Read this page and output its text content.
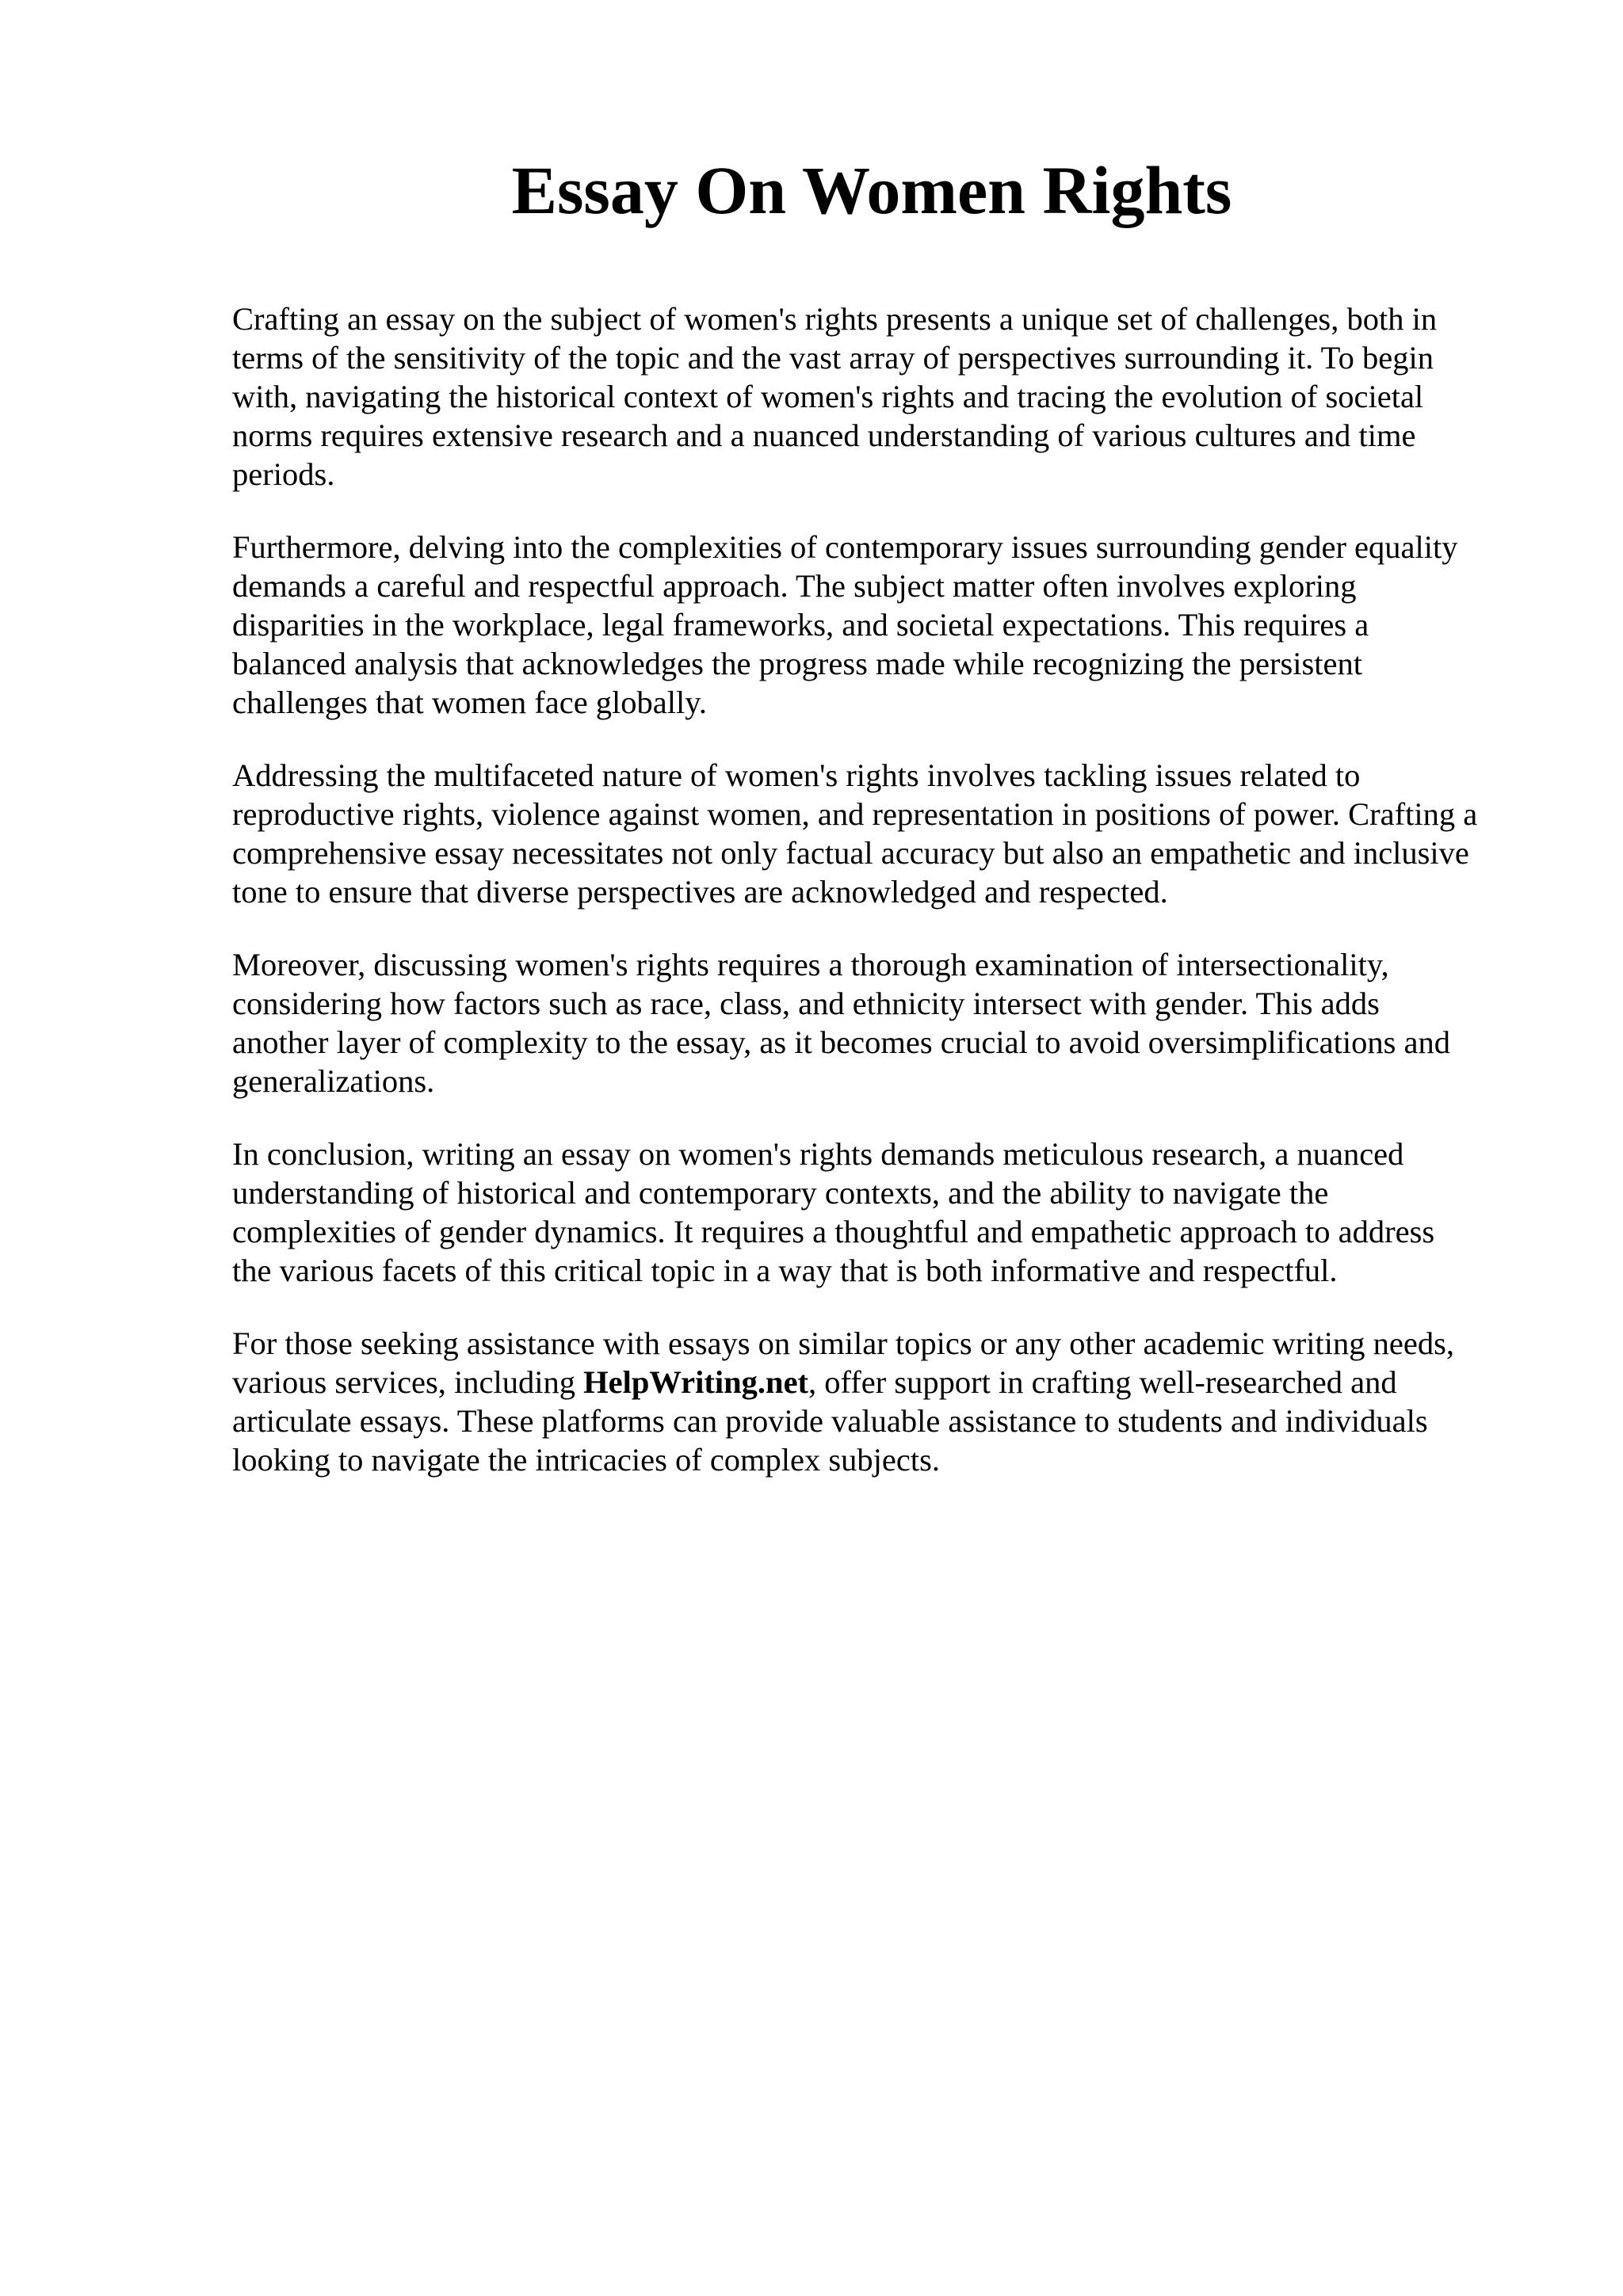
Essay On Women Rights

Crafting an essay on the subject of women's rights presents a unique set of challenges, both in
terms of the sensitivity of the topic and the vast array of perspectives surrounding it. To begin
with, navigating the historical context of women's rights and tracing the evolution of societal
norms requires extensive research and a nuanced understanding of various cultures and time
periods.

Furthermore, delving into the complexities of contemporary issues surrounding gender equality
demands a careful and respectful approach. The subject matter often involves exploring
disparities in the workplace, legal frameworks, and societal expectations. This requires a
balanced analysis that acknowledges the progress made while recognizing the persistent
challenges that women face globally.

Addressing the multifaceted nature of women's rights involves tackling issues related to
reproductive rights, violence against women, and representation in positions of power. Crafting a
comprehensive essay necessitates not only factual accuracy but also an empathetic and inclusive
tone to ensure that diverse perspectives are acknowledged and respected.

Moreover, discussing women's rights requires a thorough examination of intersectionality,
considering how factors such as race, class, and ethnicity intersect with gender. This adds
another layer of complexity to the essay, as it becomes crucial to avoid oversimplifications and
generalizations.

In conclusion, writing an essay on women's rights demands meticulous research, a nuanced
understanding of historical and contemporary contexts, and the ability to navigate the
complexities of gender dynamics. It requires a thoughtful and empathetic approach to address
the various facets of this critical topic in a way that is both informative and respectful.

For those seeking assistance with essays on similar topics or any other academic writing needs,
various services, including HelpWriting.net, offer support in crafting well-researched and
articulate essays. These platforms can provide valuable assistance to students and individuals
looking to navigate the intricacies of complex subjects.
